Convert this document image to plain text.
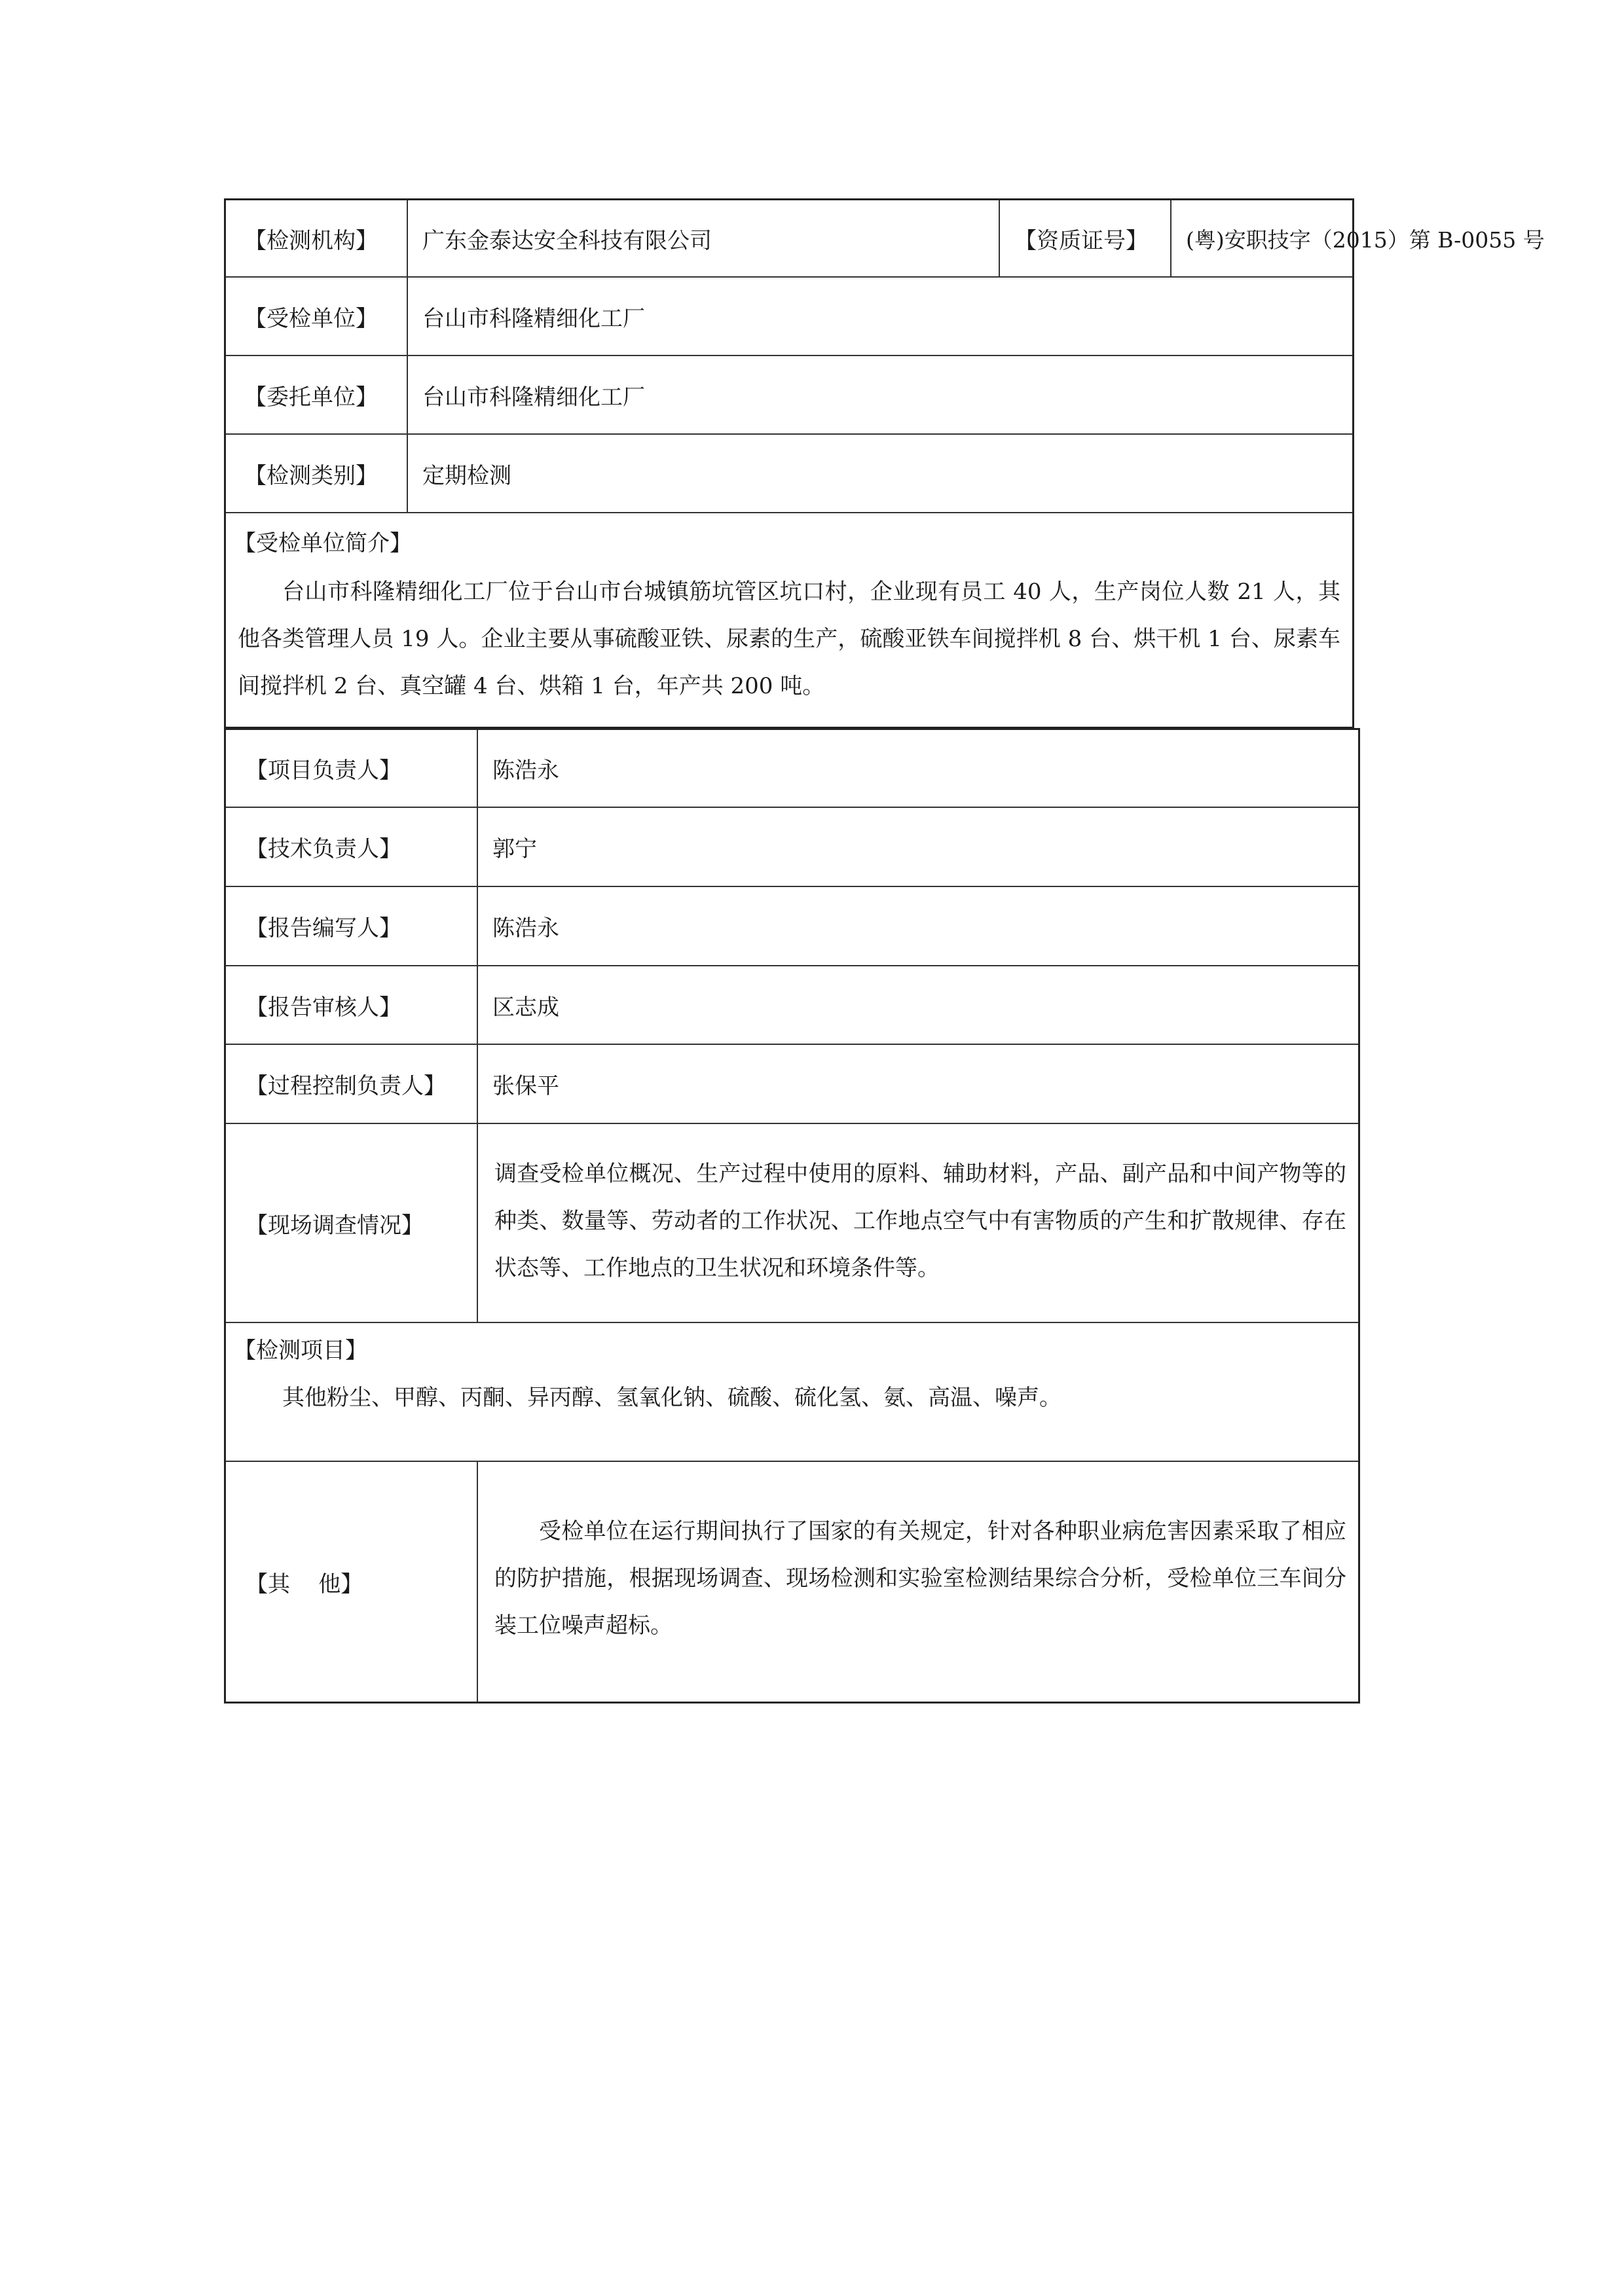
【检测机构】 广东金泰达安全科技有限公司	【资质证号】 (粤)安职技字（2015）第 B-0055 号
【受检单位】 台山市科隆精细化工厂
【委托单位】 台山市科隆精细化工厂
【检测类别】 定期检测
【受检单位简介】
台山市科隆精细化工厂位于台山市台城镇筋坑管区坑口村，企业现有员工 40 人，生产岗位人数 21 人，其他各类管理人员 19 人。企业主要从事硫酸亚铁、尿素的生产，硫酸亚铁车间搅拌机 8 台、烘干机 1 台、尿素车间搅拌机 2 台、真空罐 4 台、烘箱 1 台，年产共 200 吨。
【项目负责人】	陈浩永
【技术负责人】	郭宁
【报告编写人】	陈浩永
【报告审核人】	区志成
【过程控制负责人】 张保平
【现场调查情况】
调查受检单位概况、生产过程中使用的原料、辅助材料，产品、副产品和中间产物等的种类、数量等、劳动者的工作状况、工作地点空气中有害物质的产生和扩散规律、存在状态等、工作地点的卫生状况和环境条件等。
【检测项目】
其他粉尘、甲醇、丙酮、异丙醇、氢氧化钠、硫酸、硫化氢、氨、高温、噪声。
【其    他】
受检单位在运行期间执行了国家的有关规定，针对各种职业病危害因素采取了相应的防护措施，根据现场调查、现场检测和实验室检测结果综合分析，受检单位三车间分装工位噪声超标。
